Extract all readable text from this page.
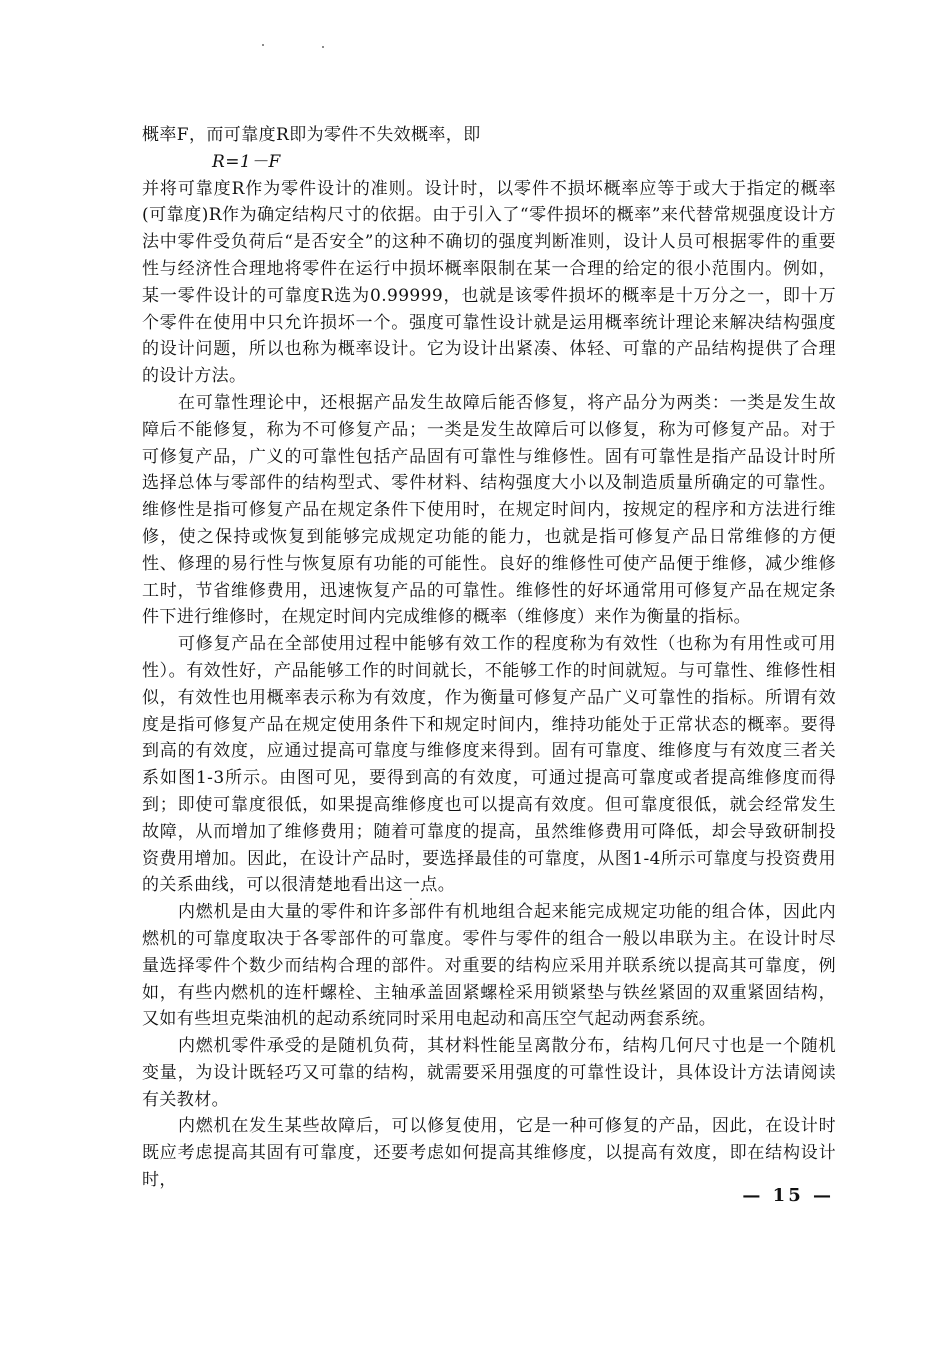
概率F，而可靠度R即为零件不失效概率，即

R=1－F

并将可靠度R作为零件设计的准则。设计时，以零件不损坏概率应等于或大于指定的概率(可靠度)R作为确定结构尺寸的依据。由于引入了“零件损坏的概率”来代替常规强度设计方法中零件受负荷后“是否安全”的这种不确切的强度判断准则，设计人员可根据零件的重要性与经济性合理地将零件在运行中损坏概率限制在某一合理的给定的很小范围内。例如，某一零件设计的可靠度R选为0.99999，也就是该零件损坏的概率是十万分之一，即十万个零件在使用中只允许损坏一个。强度可靠性设计就是运用概率统计理论来解决结构强度的设计问题，所以也称为概率设计。它为设计出紧凑、体轻、可靠的产品结构提供了合理的设计方法。

在可靠性理论中，还根据产品发生故障后能否修复，将产品分为两类：一类是发生故障后不能修复，称为不可修复产品；一类是发生故障后可以修复，称为可修复产品。对于可修复产品，广义的可靠性包括产品固有可靠性与维修性。固有可靠性是指产品设计时所选择总体与零部件的结构型式、零件材料、结构强度大小以及制造质量所确定的可靠性。维修性是指可修复产品在规定条件下使用时，在规定时间内，按规定的程序和方法进行维修，使之保持或恢复到能够完成规定功能的能力，也就是指可修复产品日常维修的方便性、修理的易行性与恢复原有功能的可能性。良好的维修性可使产品便于维修，减少维修工时，节省维修费用，迅速恢复产品的可靠性。维修性的好坏通常用可修复产品在规定条件下进行维修时，在规定时间内完成维修的概率（维修度）来作为衡量的指标。

可修复产品在全部使用过程中能够有效工作的程度称为有效性（也称为有用性或可用性）。有效性好，产品能够工作的时间就长，不能够工作的时间就短。与可靠性、维修性相似，有效性也用概率表示称为有效度，作为衡量可修复产品广义可靠性的指标。所谓有效度是指可修复产品在规定使用条件下和规定时间内，维持功能处于正常状态的概率。要得到高的有效度，应通过提高可靠度与维修度来得到。固有可靠度、维修度与有效度三者关系如图1-3所示。由图可见，要得到高的有效度，可通过提高可靠度或者提高维修度而得到；即使可靠度很低，如果提高维修度也可以提高有效度。但可靠度很低，就会经常发生故障，从而增加了维修费用；随着可靠度的提高，虽然维修费用可降低，却会导致研制投资费用增加。因此，在设计产品时，要选择最佳的可靠度，从图1-4所示可靠度与投资费用的关系曲线，可以很清楚地看出这一点。

内燃机是由大量的零件和许多部件有机地组合起来能完成规定功能的组合体，因此内燃机的可靠度取决于各零部件的可靠度。零件与零件的组合一般以串联为主。在设计时尽量选择零件个数少而结构合理的部件。对重要的结构应采用并联系统以提高其可靠度，例如，有些内燃机的连杆螺栓、主轴承盖固紧螺栓采用锁紧垫与铁丝紧固的双重紧固结构，又如有些坦克柴油机的起动系统同时采用电起动和高压空气起动两套系统。

内燃机零件承受的是随机负荷，其材料性能呈离散分布，结构几何尺寸也是一个随机变量，为设计既轻巧又可靠的结构，就需要采用强度的可靠性设计，具体设计方法请阅读有关教材。

内燃机在发生某些故障后，可以修复使用，它是一种可修复的产品，因此，在设计时既应考虑提高其固有可靠度，还要考虑如何提高其维修度，以提高有效度，即在结构设计时，

— 15 —
